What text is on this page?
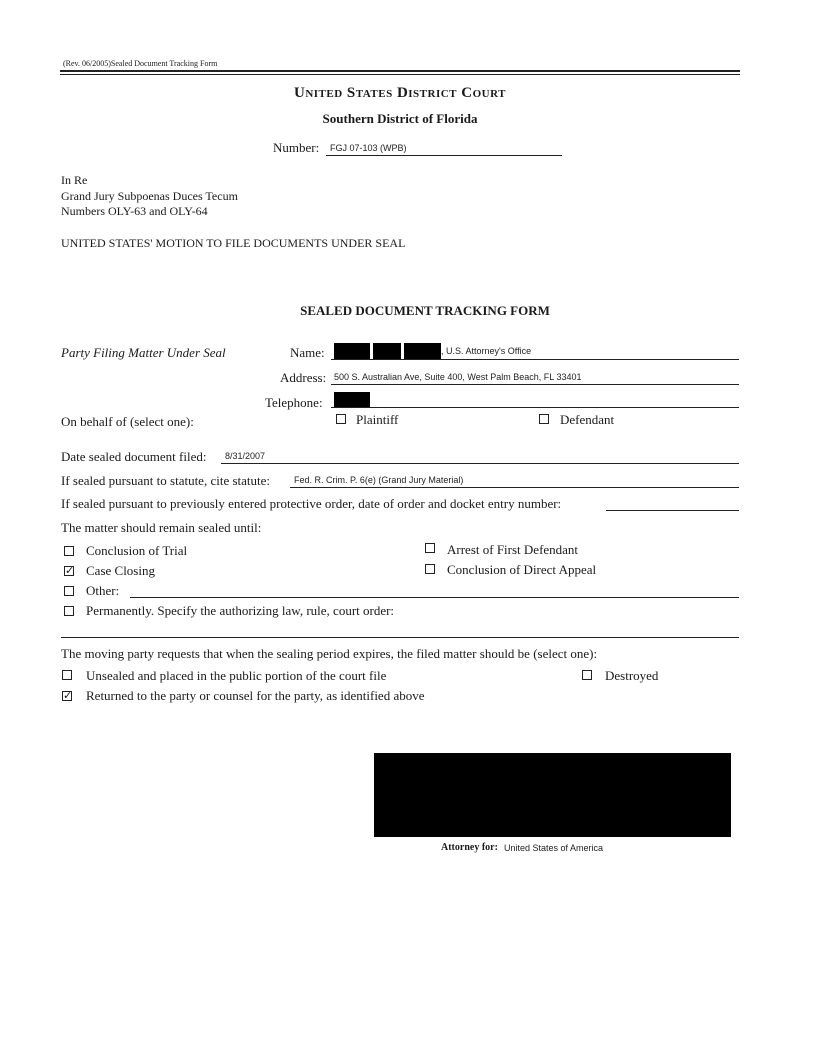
(Rev. 06/2005)Sealed Document Tracking Form
United States District Court
Southern District of Florida
Number: FGJ 07-103 (WPB)
In Re
Grand Jury Subpoenas Duces Tecum
Numbers OLY-63 and OLY-64
UNITED STATES' MOTION TO FILE DOCUMENTS UNDER SEAL
SEALED DOCUMENT TRACKING FORM
Party Filing Matter Under Seal	Name:	, U.S. Attorney's Office
Address: 500 S. Australian Ave, Suite 400, West Palm Beach, FL 33401
Telephone:
On behalf of (select one):	Plaintiff	Defendant
Date sealed document filed: 8/31/2007
If sealed pursuant to statute, cite statute:	Fed. R. Crim. P. 6(e) (Grand Jury Material)
If sealed pursuant to previously entered protective order, date of order and docket entry number:
The matter should remain sealed until:
Conclusion of Trial	Arrest of First Defendant
✓ Case Closing	Conclusion of Direct Appeal
Other:
Permanently. Specify the authorizing law, rule, court order:
The moving party requests that when the sealing period expires, the filed matter should be (select one):
Unsealed and placed in the public portion of the court file	Destroyed
✓ Returned to the party or counsel for the party, as identified above
Attorney for: United States of America
